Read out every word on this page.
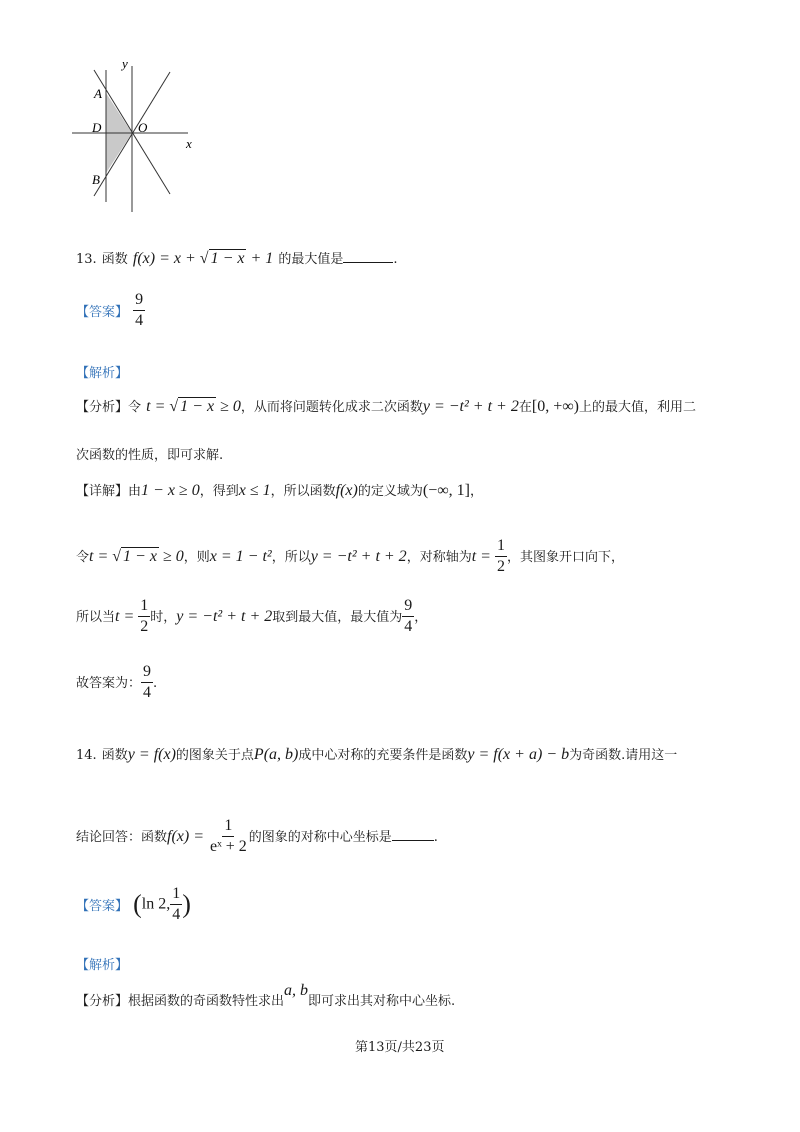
y
x
A
D	O
B
13. 函数 f(x) = x + √ 1 − x + 1 的最大值是	.
【答案】 $\frac{9}{4}$
【解析】
【分析】令 t = √ 1 − x ≥ 0，从而将问题转化成求二次函数y = −t² + t + 2在[0, +∞)上的最大值，利用二
次函数的性质，即可求解.
【详解】由1 − x ≥ 0，得到x ≤ 1，所以函数f(x)的定义域为(−∞, 1]，
令t = √ 1 − x ≥ 0，则x = 1 − t²，所以y = −t² + t + 2，对称轴为$t = \frac{1}{2}$ ，其图象开口向下，
所以当$t = \frac{1}{2}$ 时，y = −t² + t + 2取到最大值，最大值为 $\frac{9}{4}$ ，
故答案为： $\frac{9}{4}$ .
14. 函数y = f(x)的图象关于点P(a, b)成中心对称的充要条件是函数y = f(x + a) − b为奇函数.请用这一
结论回答：函数$f(x) = \frac{1}{\text{eˣ + 2}}$ 的图象的对称中心坐标是	.
【答案】 (ln 2, $\frac{1}{4}$ )
【解析】
【分析】根据函数的奇函数特性求出a, b即可求出其对称中心坐标.
第13页/共23页
